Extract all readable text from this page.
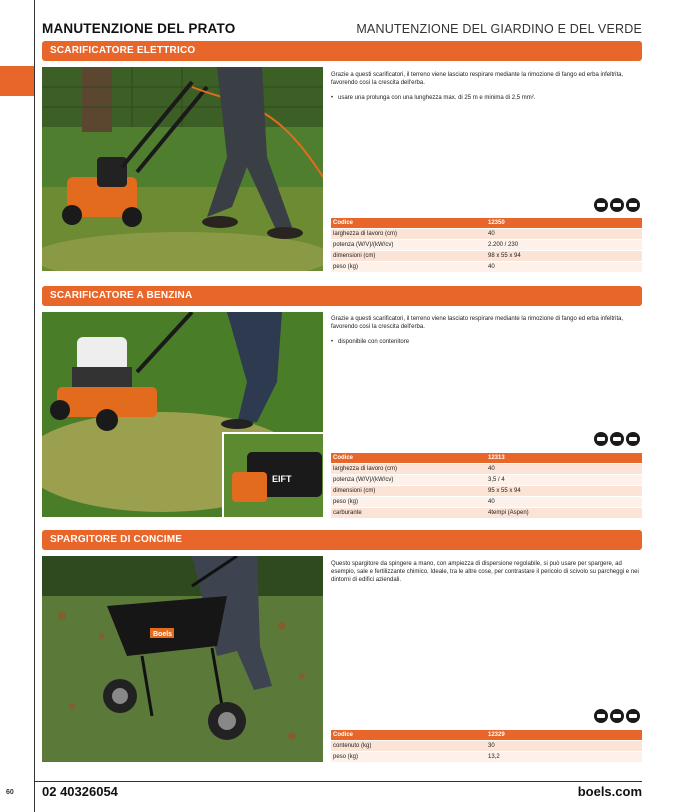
60
MANUTENZIONE DEL PRATO	MANUTENZIONE DEL GIARDINO E DEL VERDE
SCARIFICATORE ELETTRICO
Grazie a questi scarificatori, il terreno viene lasciato respirare mediante la rimozione di fango ed erba infeltrita, favorendo così la crescita dell'erba.
• usare una prolunga con una lunghezza max. di 25 m e minima di 2,5 mm².
Codice	12350
larghezza di lavoro (cm)	40
potenza (W/V)/(kW/cv)	2.200 / 230
dimensioni (cm)	98 x 55 x 94
peso (kg)	40
SCARIFICATORE A BENZINA
EIFT
Grazie a questi scarificatori, il terreno viene lasciato respirare mediante la rimozione di fango ed erba infeltrita, favorendo così la crescita dell'erba.
• disponibile con contenitore
Codice	12313
larghezza di lavoro (cm)	40
potenza (W/V)/(kW/cv)	3,5 / 4
dimensioni (cm)	95 x 55 x 94
peso (kg)	40
carburante	4tempi (Aspen)
SPARGITORE DI CONCIME
Boels
Questo spargitore da spingere a mano, con ampiezza di dispersione regolabile, si può usare per spargere, ad esempio, sale e fertilizzante chimico. Ideale, tra le altre cose, per contrastare il pericolo di scivolo su parcheggi e nei dintorni di edifici aziendali.
Codice	12329
contenuto (kg)	30
peso (kg)	13,2
02 40326054	boels.com
